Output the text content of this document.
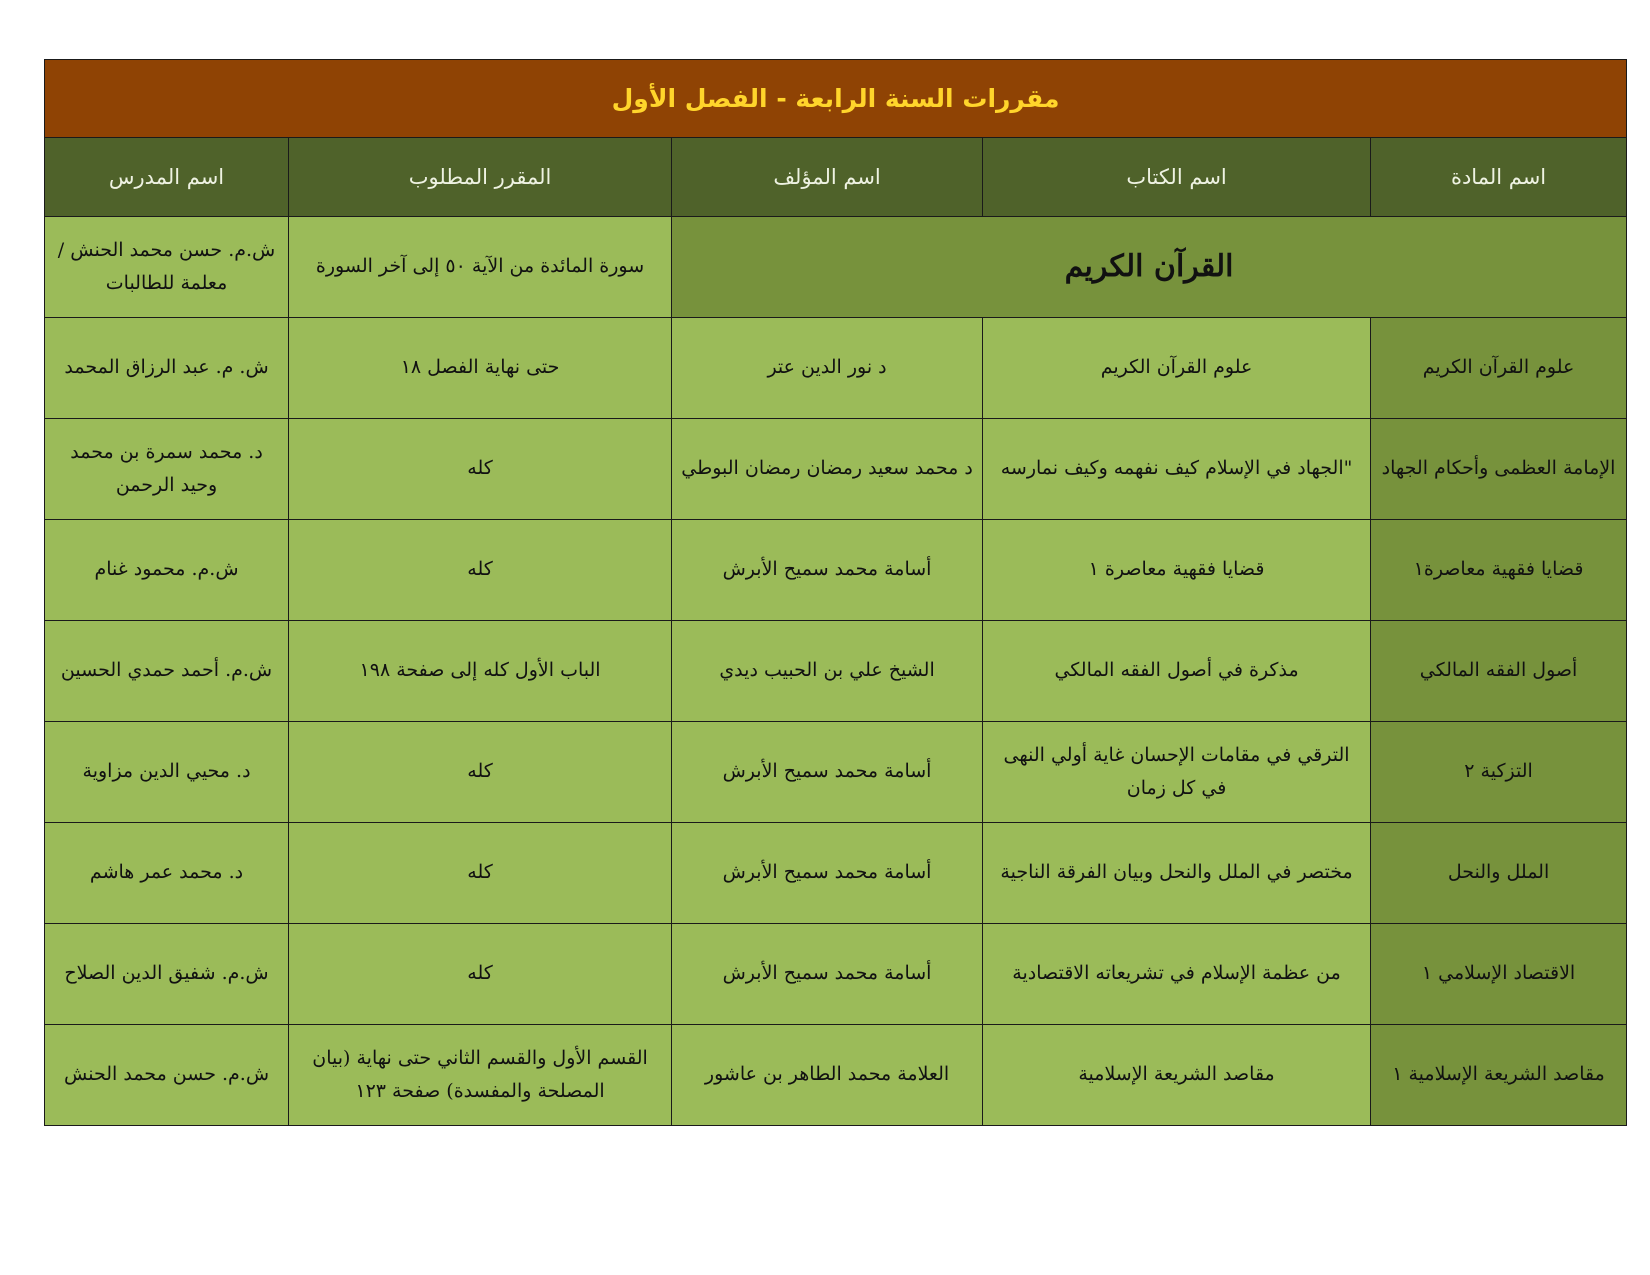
مقررات السنة الرابعة - الفصل الأول				
اسم المادة	اسم الكتاب	اسم المؤلف	المقرر المطلوب	اسم المدرس
القرآن الكريم			سورة المائدة من الآية ٥٠ إلى آخر السورة	ش.م. حسن محمد الحنش / معلمة للطالبات
علوم القرآن الكريم	علوم القرآن الكريم	د نور الدين عتر	حتى نهاية الفصل ١٨	ش. م. عبد الرزاق المحمد
الإمامة العظمى وأحكام الجهاد	"الجهاد في الإسلام كيف نفهمه وكيف نمارسه	د محمد سعيد رمضان رمضان البوطي	كله	د. محمد سمرة بن محمد وحيد الرحمن
قضايا فقهية معاصرة١	قضايا فقهية معاصرة ١	أسامة محمد سميح الأبرش	كله	ش.م. محمود غنام
أصول الفقه المالكي	مذكرة في أصول الفقه المالكي	الشيخ علي بن الحبيب ديدي	الباب الأول كله إلى صفحة ١٩٨	ش.م. أحمد حمدي الحسين
التزكية ٢	الترقي في مقامات الإحسان غاية أولي النهى في كل زمان	أسامة محمد سميح الأبرش	كله	د. محيي الدين مزاوية
الملل والنحل	مختصر في الملل والنحل وبيان الفرقة الناجية	أسامة محمد سميح الأبرش	كله	د. محمد عمر هاشم
الاقتصاد الإسلامي ١	من عظمة الإسلام في تشريعاته الاقتصادية	أسامة محمد سميح الأبرش	كله	ش.م. شفيق الدين الصلاح
مقاصد الشريعة الإسلامية ١	مقاصد الشريعة الإسلامية	العلامة محمد الطاهر بن عاشور	القسم الأول والقسم الثاني حتى نهاية (بيان المصلحة والمفسدة) صفحة ١٢٣	ش.م. حسن محمد الحنش
